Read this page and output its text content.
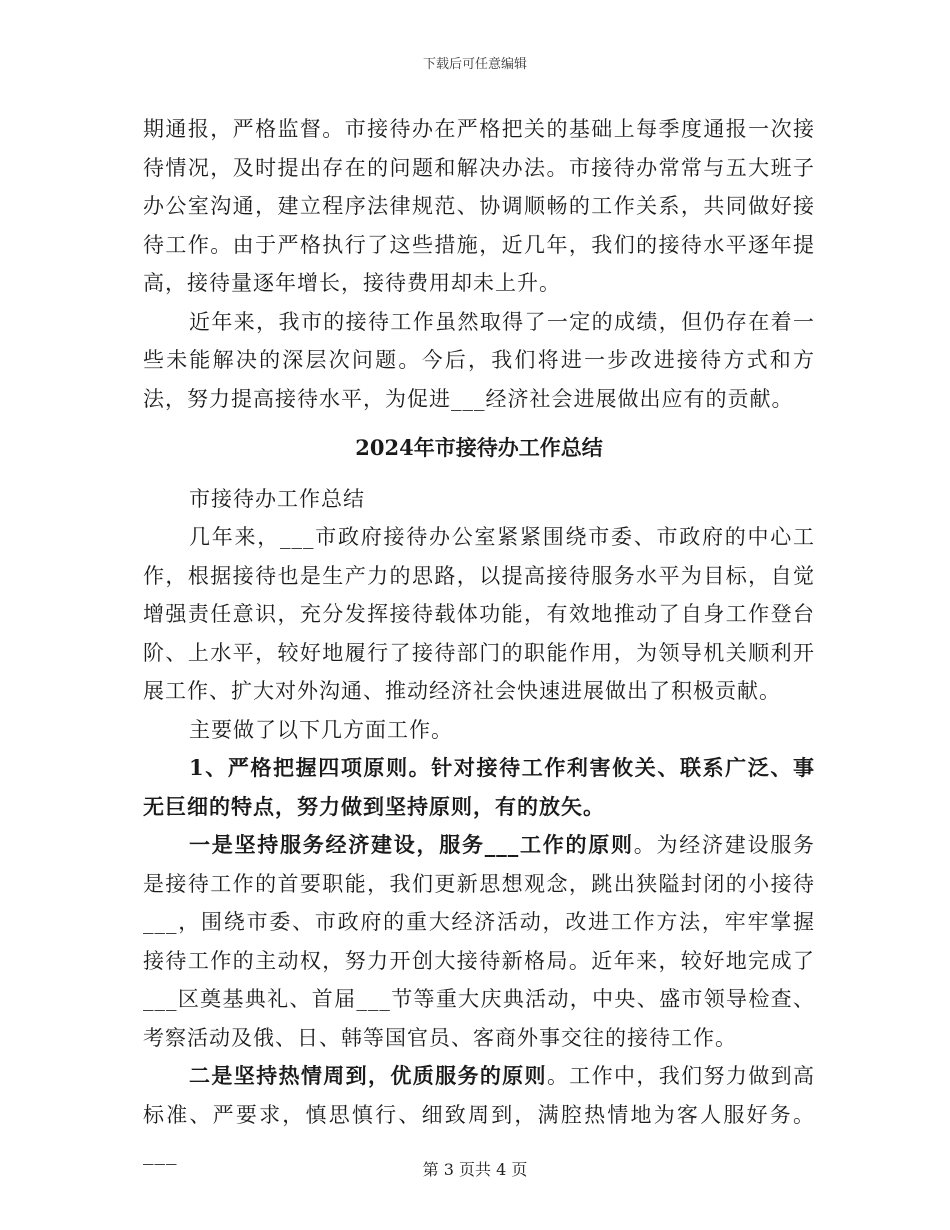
下载后可任意编辑

期通报，严格监督。市接待办在严格把关的基础上每季度通报一次接待情况，及时提出存在的问题和解决办法。市接待办常常与五大班子办公室沟通，建立程序法律规范、协调顺畅的工作关系，共同做好接待工作。由于严格执行了这些措施，近几年，我们的接待水平逐年提高，接待量逐年增长，接待费用却未上升。

近年来，我市的接待工作虽然取得了一定的成绩，但仍存在着一些未能解决的深层次问题。今后，我们将进一步改进接待方式和方法，努力提高接待水平，为促进___经济社会进展做出应有的贡献。

2024年市接待办工作总结

市接待办工作总结

几年来，___市政府接待办公室紧紧围绕市委、市政府的中心工作，根据接待也是生产力的思路，以提高接待服务水平为目标，自觉增强责任意识，充分发挥接待载体功能，有效地推动了自身工作登台阶、上水平，较好地履行了接待部门的职能作用，为领导机关顺利开展工作、扩大对外沟通、推动经济社会快速进展做出了积极贡献。

主要做了以下几方面工作。

1、严格把握四项原则。针对接待工作利害攸关、联系广泛、事无巨细的特点，努力做到坚持原则，有的放矢。

一是坚持服务经济建设，服务___工作的原则。为经济建设服务是接待工作的首要职能，我们更新思想观念，跳出狭隘封闭的小接待___，围绕市委、市政府的重大经济活动，改进工作方法，牢牢掌握接待工作的主动权，努力开创大接待新格局。近年来，较好地完成了___区奠基典礼、首届___节等重大庆典活动，中央、盛市领导检查、考察活动及俄、日、韩等国官员、客商外事交往的接待工作。

二是坚持热情周到，优质服务的原则。工作中，我们努力做到高标准、严要求，慎思慎行、细致周到，满腔热情地为客人服好务。___

第 3 页共 4 页
